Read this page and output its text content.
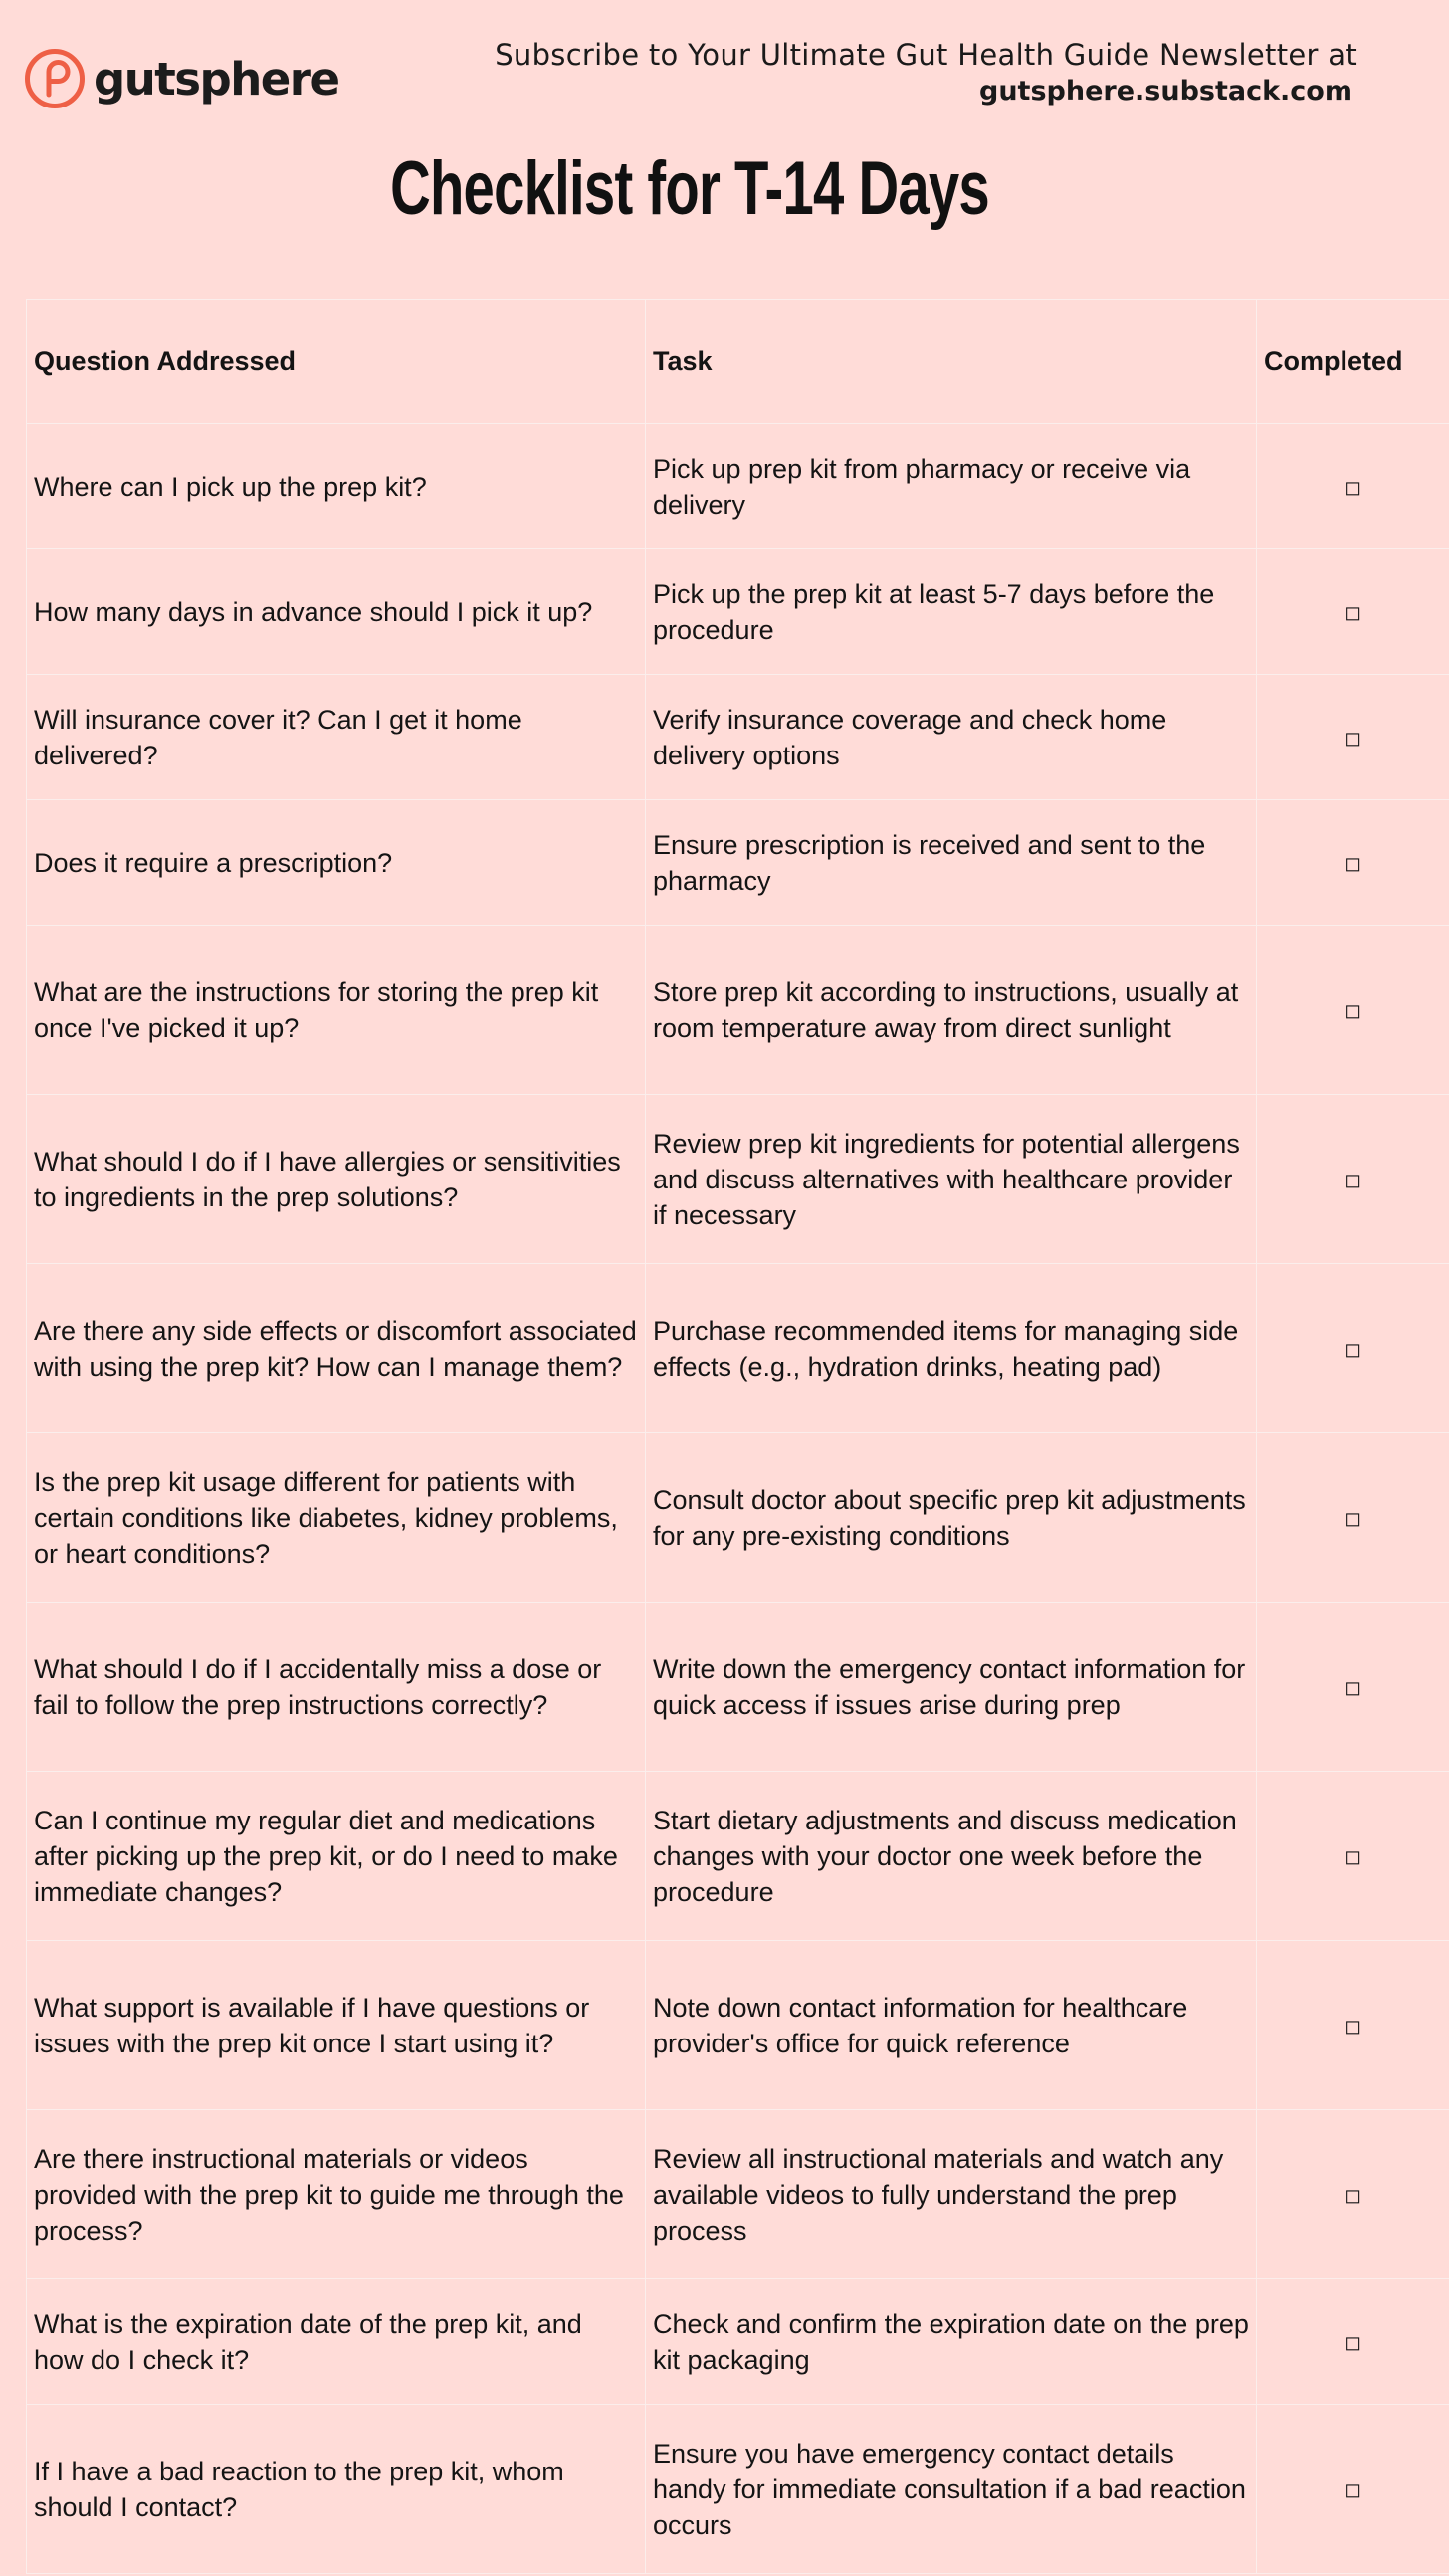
gutsphere	Subscribe to Your Ultimate Gut Health Guide Newsletter at
gutsphere.substack.com
Checklist for T-14 Days
Question Addressed	Task	Completed
Where can I pick up the prep kit?	Pick up prep kit from pharmacy or receive via delivery	◻
How many days in advance should I pick it up?	Pick up the prep kit at least 5-7 days before the procedure	◻
Will insurance cover it? Can I get it home delivered?	Verify insurance coverage and check home delivery options	◻
Does it require a prescription?	Ensure prescription is received and sent to the pharmacy	◻
What are the instructions for storing the prep kit once I've picked it up?	Store prep kit according to instructions, usually at room temperature away from direct sunlight	◻
What should I do if I have allergies or sensitivities to ingredients in the prep solutions?	Review prep kit ingredients for potential allergens and discuss alternatives with healthcare provider if necessary	◻
Are there any side effects or discomfort associated with using the prep kit? How can I manage them?	Purchase recommended items for managing side effects (e.g., hydration drinks, heating pad)	◻
Is the prep kit usage different for patients with certain conditions like diabetes, kidney problems, or heart conditions?	Consult doctor about specific prep kit adjustments for any pre-existing conditions	◻
What should I do if I accidentally miss a dose or fail to follow the prep instructions correctly?	Write down the emergency contact information for quick access if issues arise during prep	◻
Can I continue my regular diet and medications after picking up the prep kit, or do I need to make immediate changes?	Start dietary adjustments and discuss medication changes with your doctor one week before the procedure	◻
What support is available if I have questions or issues with the prep kit once I start using it?	Note down contact information for healthcare provider's office for quick reference	◻
Are there instructional materials or videos provided with the prep kit to guide me through the process?	Review all instructional materials and watch any available videos to fully understand the prep process	◻
What is the expiration date of the prep kit, and how do I check it?	Check and confirm the expiration date on the prep kit packaging	◻
If I have a bad reaction to the prep kit, whom should I contact?	Ensure you have emergency contact details handy for immediate consultation if a bad reaction occurs	◻
